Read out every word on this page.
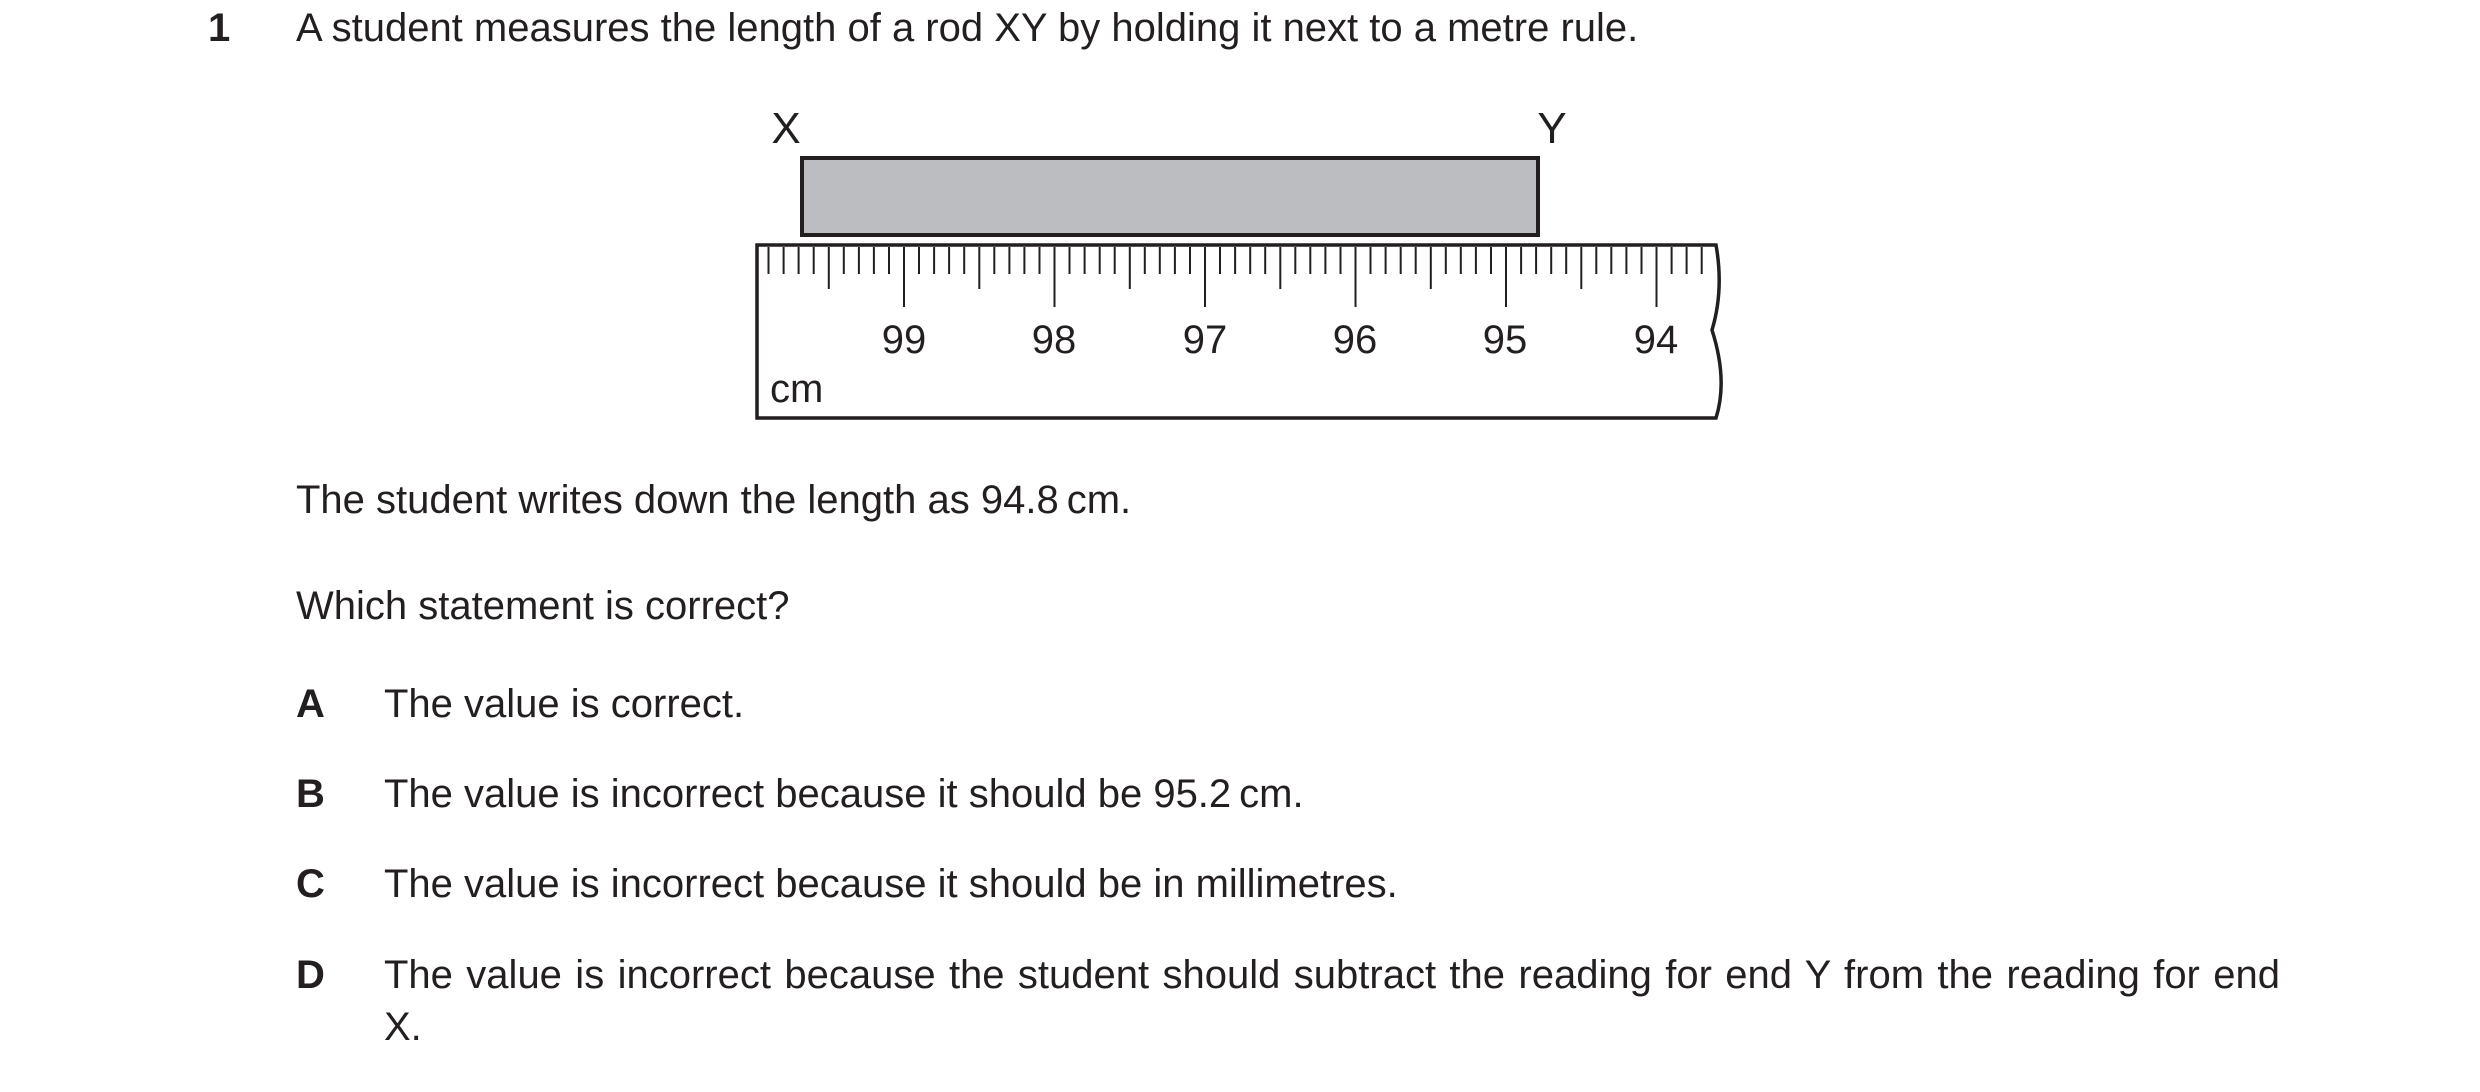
1 A student measures the length of a rod XY by holding it next to a metre rule.
X	Y
99	98	97	96	95	94
cm
The student writes down the length as 94.8 cm.
Which statement is correct?
A The value is correct.
B The value is incorrect because it should be 95.2 cm.
C The value is incorrect because it should be in millimetres.
D The value is incorrect because the student should subtract the reading for end Y from the reading for end X.
